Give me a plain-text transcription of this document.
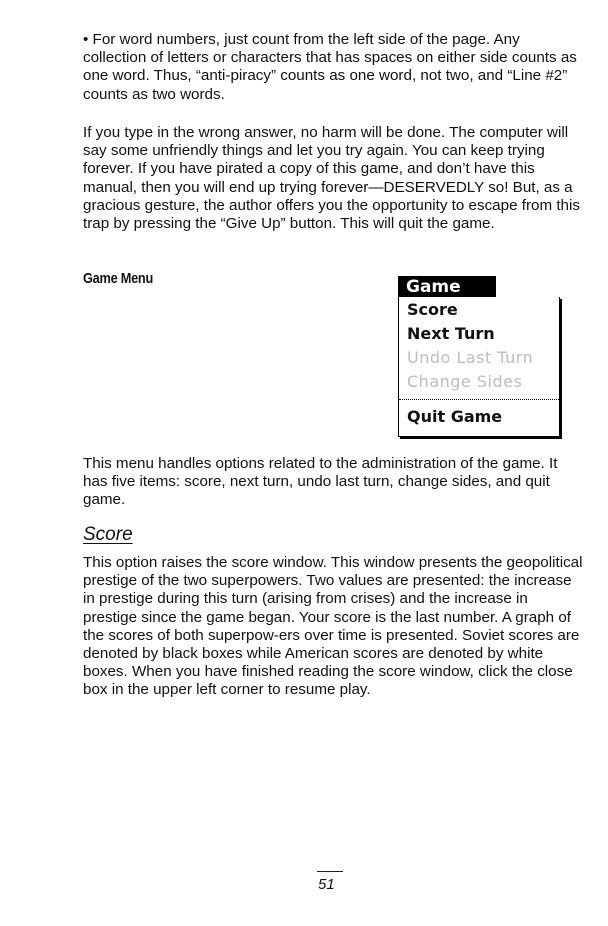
• For word numbers, just count from the left side of the page. Any collection of letters or characters that has spaces on either side counts as one word. Thus, “anti-piracy” counts as one word, not two, and “Line #2” counts as two words.

If you type in the wrong answer, no harm will be done. The computer will say some unfriendly things and let you try again. You can keep trying forever. If you have pirated a copy of this game, and don’t have this manual, then you will end up trying forever—DESERVEDLY so! But, as a gracious gesture, the author offers you the opportunity to escape from this trap by pressing the “Give Up” button. This will quit the game.

Game Menu	Game
Score
Next Turn
Undo Last Turn
Change Sides
Quit Game

This menu handles options related to the administration of the game. It has five items: score, next turn, undo last turn, change sides, and quit game.

Score

This option raises the score window. This window presents the geopolitical prestige of the two superpowers. Two values are presented: the increase in prestige during this turn (arising from crises) and the increase in prestige since the game began. Your score is the last number. A graph of the scores of both superpow-ers over time is presented. Soviet scores are denoted by black boxes while American scores are denoted by white boxes. When you have finished reading the score window, click the close box in the upper left corner to resume play.

51
